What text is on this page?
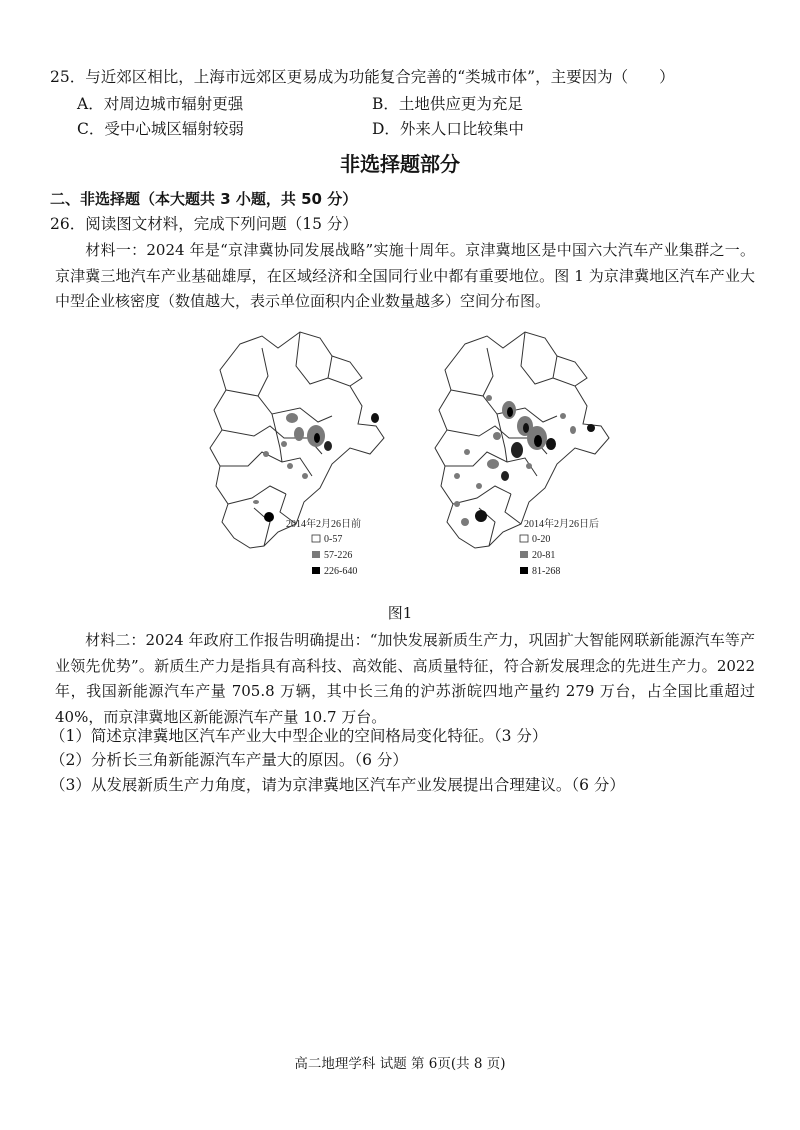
25．与近郊区相比，上海市远郊区更易成为功能复合完善的“类城市体”，主要因为（　　）
A．对周边城市辐射更强	B．土地供应更为充足
C．受中心城区辐射较弱	D．外来人口比较集中
非选择题部分
二、非选择题（本大题共 3 小题，共 50 分）
26．阅读图文材料，完成下列问题（15 分）
材料一：2024 年是“京津冀协同发展战略”实施十周年。京津冀地区是中国六大汽车产业集群之一。京津冀三地汽车产业基础雄厚，在区域经济和全国同行业中都有重要地位。图 1 为京津冀地区汽车产业大中型企业核密度（数值越大，表示单位面积内企业数量越多）空间分布图。
2014年2月26日前
0-57
57-226
226-640
2014年2月26日后
0-20
20-81
81-268
图1
材料二：2024 年政府工作报告明确提出：“加快发展新质生产力，巩固扩大智能网联新能源汽车等产业领先优势”。新质生产力是指具有高科技、高效能、高质量特征，符合新发展理念的先进生产力。2022 年，我国新能源汽车产量 705.8 万辆，其中长三角的沪苏浙皖四地产量约 279 万台，占全国比重超过 40%，而京津冀地区新能源汽车产量 10.7 万台。
（1）简述京津冀地区汽车产业大中型企业的空间格局变化特征。（3 分）
（2）分析长三角新能源汽车产量大的原因。（6 分）
（3）从发展新质生产力角度，请为京津冀地区汽车产业发展提出合理建议。（6 分）
高二地理学科 试题 第 6页(共 8 页)
